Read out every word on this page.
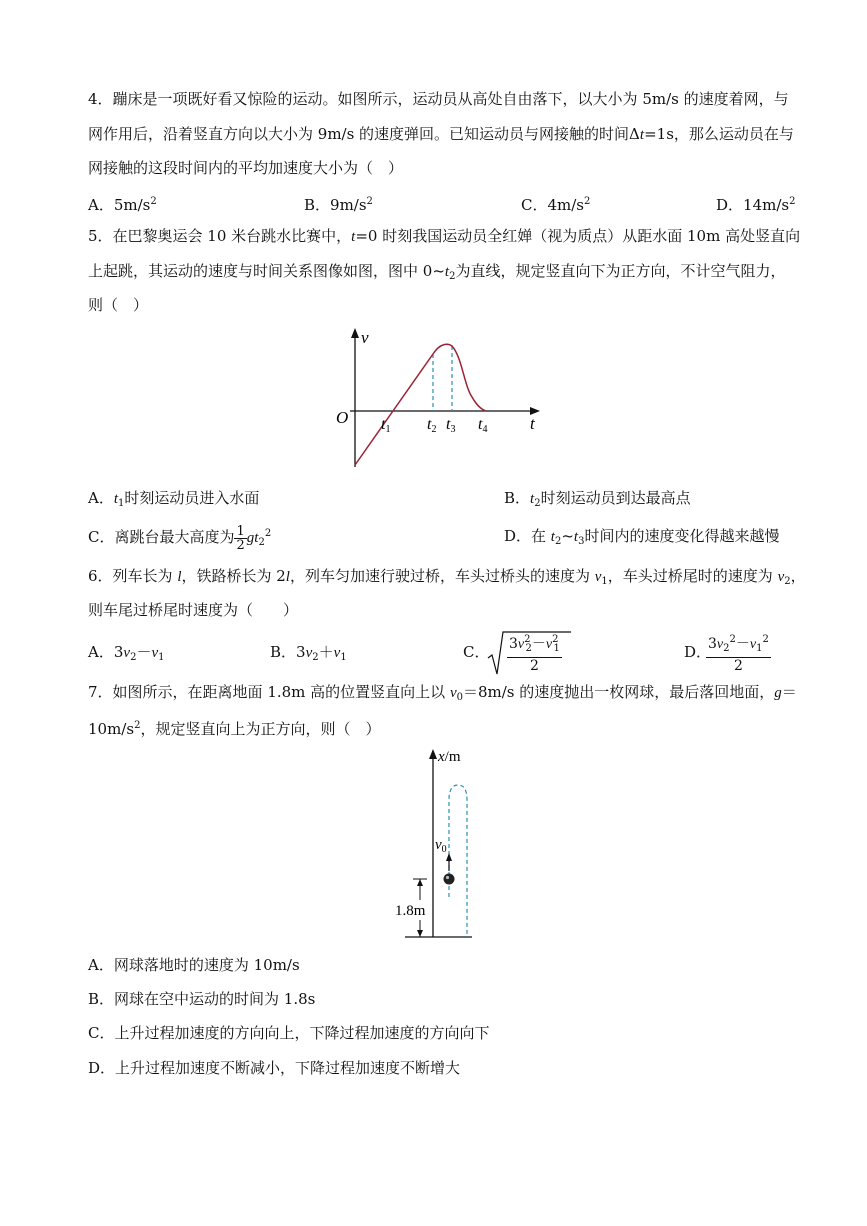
4．蹦床是一项既好看又惊险的运动。如图所示，运动员从高处自由落下，以大小为 5m/s 的速度着网，与
网作用后，沿着竖直方向以大小为 9m/s 的速度弹回。已知运动员与网接触的时间Δt=1s，那么运动员在与
网接触的这段时间内的平均加速度大小为（　）
A．$5m/s^2$	B．$9m/s^2$	C．$4m/s^2$	D．$14m/s^2$
5．在巴黎奥运会 10 米台跳水比赛中，t=0 时刻我国运动员全红婵（视为质点）从距水面 10m 高处竖直向
上起跳，其运动的速度与时间关系图像如图，图中 $0\sim t_2$为直线，规定竖直向下为正方向，不计空气阻力，
则（　）
v
t
O t1 t2 t3 t4
A．$t_1$时刻运动员进入水面	B．$t_2$时刻运动员到达最高点
C．离跳台最大高度为 $\frac{1}{2} gt_2^2$	D．在 $t_2\sim t_3$时间内的速度变化得越来越慢
6．列车长为 l，铁路桥长为 2l，列车匀加速行驶过桥，车头过桥头的速度为 $v_1$，车头过桥尾时的速度为 $v_2$，
则车尾过桥尾时速度为（　　）
A．$3v_2-v_1$	B．$3v_2+v_1$	C． $\frac{3v^2_2-v^2_1}{2}$	D．
$\frac{3v_2^2-v_1^2}{2}$
7．如图所示，在距离地面 1.8m 高的位置竖直向上以 $v_0=8m/s$ 的速度抛出一枚网球，最后落回地面，g＝
$10m/s^2$，规定竖直向上为正方向，则（　）
x/m
$v_0$
1.8m
A．网球落地时的速度为 10m/s
B．网球在空中运动的时间为 1.8s
C．上升过程加速度的方向向上，下降过程加速度的方向向下
D．上升过程加速度不断减小，下降过程加速度不断增大
